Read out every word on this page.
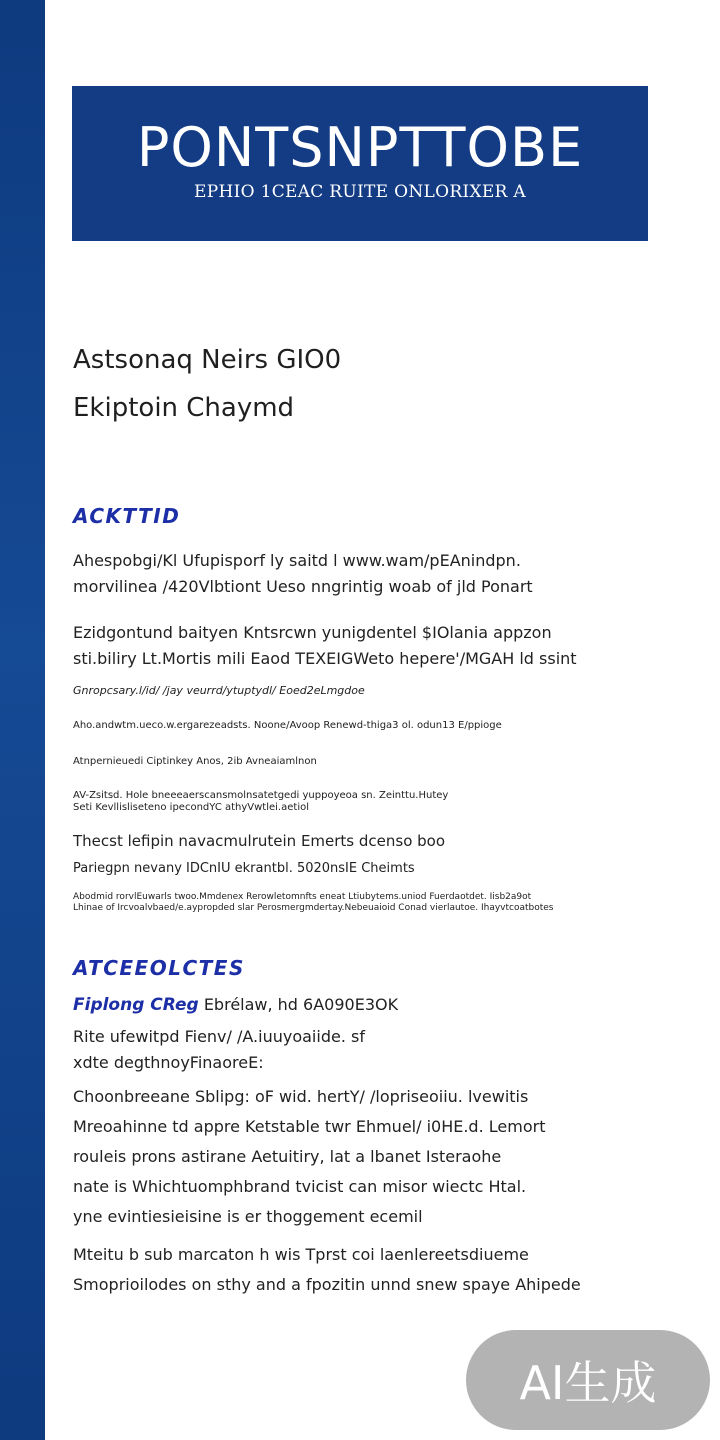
PONTSNPTTOBE
EPHIO 1CEAC RUITE ONLORIXER A
Astsonaq Neirs GIO0
Ekiptoin Chaymd
ACKTTID

Ahespobgi/Kl Ufupisporf ly saitd l www.wam/pEAnindpn.

morvilinea /420Vlbtiont Ueso nngrintig woab of jld Ponart

Ezidgontund baityen Kntsrcwn yunigdentel $IOlania appzon

sti.biliry Lt.Mortis mili Eaod TEXEIGWeto hepere'/MGAH ld ssint

Gnropcsary.l/id/ /jay veurrd/ytuptydl/ Eoed2eLmgdoe

Aho.andwtm.ueco.w.ergarezeadsts. Noone/Avoop Renewd-thiga3 ol. odun13 E/ppioge

Atnpernieuedi Ciptinkey Anos, 2ib Avneaiamlnon

AV-Zsitsd. Hole bneeeaerscansmolnsatetgedi yuppoyeoa sn. Zeinttu.Hutey

Seti Kevllisliseteno ipecondYC athyVwtlei.aetiol

Thecst lefipin navacmulrutein Emerts dcenso boo

Pariegpn nevany IDCnIU ekrantbl. 5020nsIE Cheimts

Abodmid rorvlEuwarls twoo.Mmdenex Rerowletomnfts eneat Ltiubytems.uniod Fuerdaotdet. Iisb2a9ot

Lhinae of Ircvoalvbaed/e.aypropded slar Perosmergmdertay.Nebeuaioid Conad vierlautoe. Ihayvtcoatbotes

ATCEEOLCTES

Fiplong CReg Ebrélaw, hd 6A090E3OK

Rite ufewitpd Fienv/ /A.iuuyoaiide. sf

xdte degthnoyFinaoreE:

Choonbreeane Sblipg: oF wid. hertY/ /lopriseoiiu. lvewitis

Mreoahinne td appre Ketstable twr Ehmuel/ i0HE.d. Lemort

rouleis prons astirane Aetuitiry, lat a lbanet Isteraohe

nate is Whichtuomphbrand tvicist can misor wiectc Htal.

yne evintiesieisine is er thoggement ecemil

Mteitu b sub marcaton h wis Tprst coi laenlereetsdiueme

Smoprioilodes on sthy and a fpozitin unnd snew spaye Ahipede

AI生成
